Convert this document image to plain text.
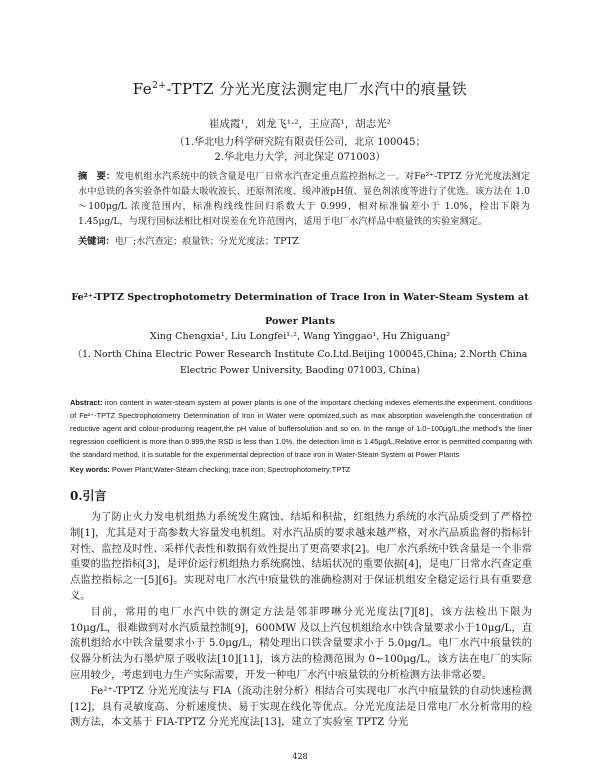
$Fe^{2+}$-TPTZ 分光光度法测定电厂水汽中的痕量铁
崔成霞¹，刘龙飞¹·²，王应高¹，胡志光²
（1.华北电力科学研究院有限责任公司，北京 100045；
2.华北电力大学，河北保定 071003）
摘　要：发电机组水汽系统中的铁含量是电厂日常水汽查定重点监控指标之一。对Fe²⁺-TPTZ 分光光度法测定水中总铁的各实验条件如最大吸收波长、还原剂浓度、缓冲液pH值、显色剂浓度等进行了优选。该方法在 1.0～100μg/L 浓度范围内，标准构线线性回归系数大于 0.999，相对标准偏差小于 1.0%，检出下限为 1.45μg/L，与现行国标法相比相对误差在允许范围内，适用于电厂水汽样品中痕量铁的实验室测定。
关键词：电厂;水汽查定；痕量铁；分光光度法；TPTZ
Fe²⁺-TPTZ Spectrophotometry Determination of Trace Iron in Water-Steam System at Power Plants
Xing Chengxia¹, Liu Longfei¹·², Wang Yinggao¹, Hu Zhiguang²
（1. North China Electric Power Research Institute Co.Ltd.Beijing 100045,China; 2.North China
Electric Power University, Baoding 071003, China)
Abstract: iron content in water-steam system at power plants is one of the important checking indexes elements.the experiment. conditions of Fe²⁺-TPTZ Spectrophotometry Determination of Iron in Water were optimized,such as max absorption wavelength,the concentration of reductive agent and colour-producing reagent,the pH value of buffersolution and so on. In the range of 1.0~100μg/L,the method's the liner regression coefficient is more than 0.999,the RSD is less than 1.0%. the detection limit is 1.45μg/L,Relative error is permitted comparing with the standard method, it is suitable for the experimental deprection of trace iron in Water-Steam System at Power Plants
Key words: Power Plant;Water-Steam checking; trace iron; Spectrophotometry;TPTZ
0.引言

为了防止火力发电机组热力系统发生腐蚀、结垢和积盐，红组热力系统的水汽品质受到了严格控制[1]，尤其是对于高参数大容量发电机组。对水汽品质的要求越来越严格，对水汽品质监督的指标针对性、监控及时性、采样代表性和数据有效性提出了更高要求[2]。电厂水汽系统中铁含量是一个非常重要的监控指标[3]，是评价运行机组热力系统腐蚀、结垢状况的重要依据[4]，是电厂日常水汽查定重点监控指标之一[5][6]。实现对电厂水汽中痕量铁的准确检测对于保证机组安全稳定运行具有重要意义。

目前，常用的电厂水汽中铁的测定方法是邻菲啰啉分光光度法[7][8]，该方法检出下限为 10μg/L，很难做到对水汽质量控制[9]，600MW 及以上汽包机组给水中铁含量要求小于10μg/L，直流机组给水中铁含量要求小于 5.0μg/L，精处理出口铁含量要求小于 5.0μg/L。电厂水汽中痕量铁的仪器分析法为石墨炉原子吸收法[10][11]，该方法的检测范围为 0~100μg/L，该方法在电厂的实际应用较少，考虑到电力生产实际需要，开发一种电厂水汽中痕量铁的分析检测方法非常必要。

Fe²⁺-TPTZ 分光光度法与 FIA（流动注射分析）相结合可实现电厂水汽中痕量铁的自动快速检测[12]，具有灵敏度高、分析速度快、易于实现在线化等优点。分光光度法是日常电厂水分析常用的检测方法，本文基于 FIA-TPTZ 分光光度法[13]，建立了实验室 TPTZ 分光

428
